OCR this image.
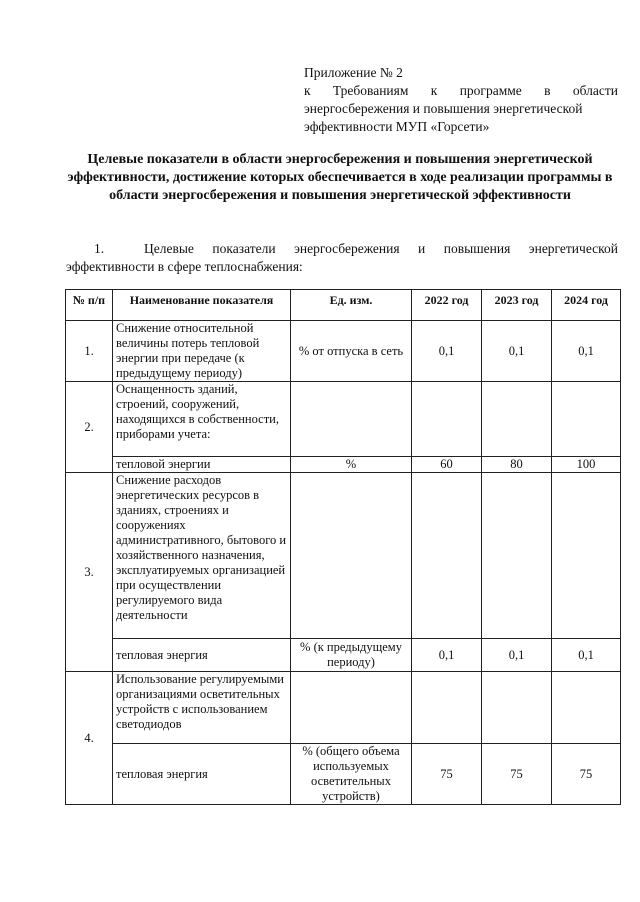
Приложение № 2
к Требованиям к программе в области
энергосбережения и повышения энергетической
эффективности МУП «Горсети»
Целевые показатели в области энергосбережения и повышения энергетической эффективности, достижение которых обеспечивается в ходе реализации программы в области энергосбережения и повышения энергетической эффективности
1.	Целевые показатели энергосбережения и повышения энергетической
эффективности в сфере теплоснабжения:
№ п/п	Наименование показателя	Ед. изм.	2022 год	2023 год	2024 год
1.	Снижение относительной величины потерь тепловой энергии при передаче (к предыдущему периоду)	% от отпуска в сеть	0,1	0,1	0,1
2.	Оснащенность зданий, строений, сооружений, находящихся в собственности, приборами учета:				
	тепловой энергии	%	60	80	100
3.	Снижение расходов энергетических ресурсов в зданиях, строениях и сооружениях административного, бытового и хозяйственного назначения, эксплуатируемых организацией при осуществлении регулируемого вида деятельности				
	тепловая энергия	% (к предыдущему периоду)	0,1	0,1	0,1
4.	Использование регулируемыми организациями осветительных устройств с использованием светодиодов				
	тепловая энергия	% (общего объема используемых осветительных устройств)	75	75	75
